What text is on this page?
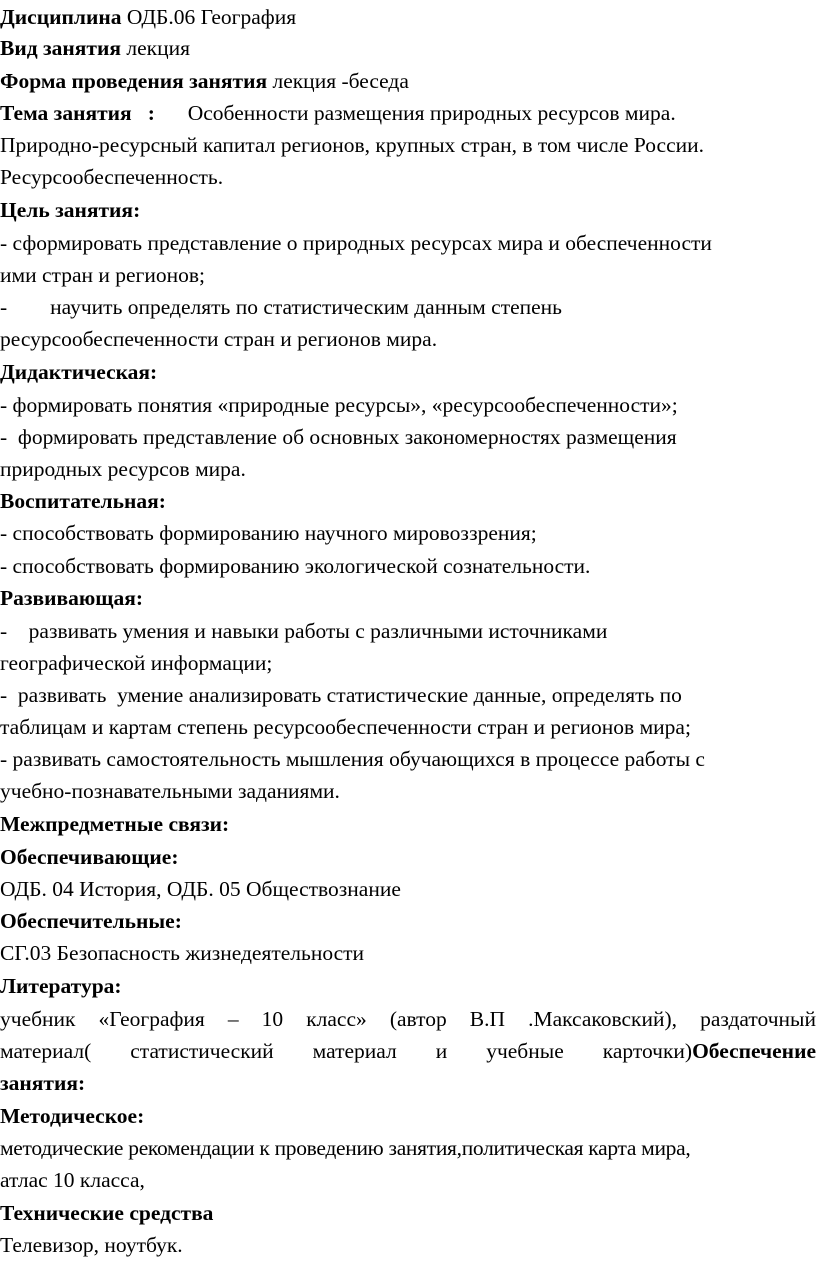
Дисциплина ОДБ.06 География
Вид занятия лекция
Форма проведения занятия лекция -беседа
Тема занятия   : Особенности размещения природных ресурсов мира.
Природно-ресурсный капитал регионов, крупных стран, в том числе России.
Ресурсообеспеченность.
Цель занятия:
- сформировать представление о природных ресурсах мира и обеспеченности
ими стран и регионов;
-        научить определять по статистическим данным степень
ресурсообеспеченности стран и регионов мира.
Дидактическая:
- формировать понятия «природные ресурсы», «ресурсообеспеченности»;
-  формировать представление об основных закономерностях размещения
природных ресурсов мира.
Воспитательная:
- способствовать формированию научного мировоззрения;
- способствовать формированию экологической сознательности.
Развивающая:
-    развивать умения и навыки работы с различными источниками
географической информации;
-  развивать  умение анализировать статистические данные, определять по
таблицам и картам степень ресурсообеспеченности стран и регионов мира;
- развивать самостоятельность мышления обучающихся в процессе работы с
учебно-познавательными заданиями.
Межпредметные связи:
Обеспечивающие:
ОДБ. 04 История, ОДБ. 05 Обществознание
Обеспечительные:
СГ.03 Безопасность жизнедеятельности
Литература:
учебник «География – 10 класс» (автор В.П .Максаковский), раздаточный
материал( статистический материал и учебные карточки)Обеспечение
занятия:
Методическое:
методические рекомендации к проведению занятия,политическая карта мира,
атлас 10 класса,
Технические средства
Телевизор, ноутбук.
